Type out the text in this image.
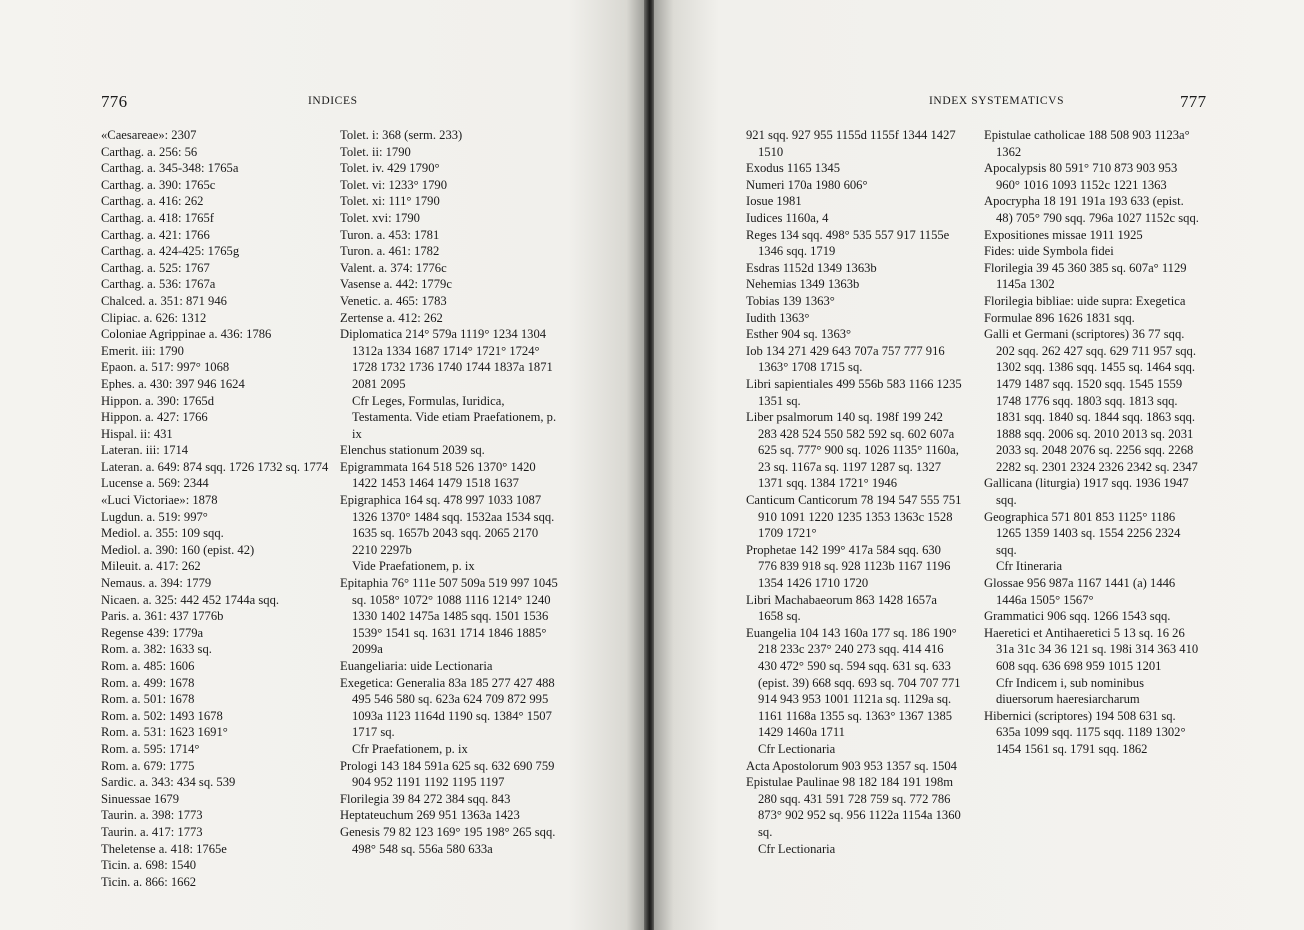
776	INDICES
«Caesareae»: 2307
Carthag. a. 256: 56
Carthag. a. 345-348: 1765a
Carthag. a. 390: 1765c
Carthag. a. 416: 262
Carthag. a. 418: 1765f
Carthag. a. 421: 1766
Carthag. a. 424-425: 1765g
Carthag. a. 525: 1767
Carthag. a. 536: 1767a
Chalced. a. 351: 871 946
Clipiac. a. 626: 1312
Coloniae Agrippinae a. 436: 1786
Emerit. iii: 1790
Epaon. a. 517: 997° 1068
Ephes. a. 430: 397 946 1624
Hippon. a. 390: 1765d
Hippon. a. 427: 1766
Hispal. ii: 431
Lateran. iii: 1714
Lateran. a. 649: 874 sqq. 1726 1732 sq. 1774
Lucense a. 569: 2344
«Luci Victoriae»: 1878
Lugdun. a. 519: 997°
Mediol. a. 355: 109 sqq.
Mediol. a. 390: 160 (epist. 42)
Mileuit. a. 417: 262
Nemaus. a. 394: 1779
Nicaen. a. 325: 442 452 1744a sqq.
Paris. a. 361: 437 1776b
Regense 439: 1779a
Rom. a. 382: 1633 sq.
Rom. a. 485: 1606
Rom. a. 499: 1678
Rom. a. 501: 1678
Rom. a. 502: 1493 1678
Rom. a. 531: 1623 1691°
Rom. a. 595: 1714°
Rom. a. 679: 1775
Sardic. a. 343: 434 sq. 539
Sinuessae 1679
Taurin. a. 398: 1773
Taurin. a. 417: 1773
Theletense a. 418: 1765e
Ticin. a. 698: 1540
Ticin. a. 866: 1662
Tolet. i: 368 (serm. 233)
Tolet. ii: 1790
Tolet. iv. 429 1790°
Tolet. vi: 1233° 1790
Tolet. xi: 111° 1790
Tolet. xvi: 1790
Turon. a. 453: 1781
Turon. a. 461: 1782
Valent. a. 374: 1776c
Vasense a. 442: 1779c
Venetic. a. 465: 1783
Zertense a. 412: 262
Diplomatica 214° 579a 1119° 1234 1304 1312a 1334 1687 1714° 1721° 1724° 1728 1732 1736 1740 1744 1837a 1871 2081 2095
Cfr Leges, Formulas, Iuridica, Testamenta. Vide etiam Praefationem, p. ix
Elenchus stationum 2039 sq.
Epigrammata 164 518 526 1370° 1420 1422 1453 1464 1479 1518 1637
Epigraphica 164 sq. 478 997 1033 1087 1326 1370° 1484 sqq. 1532aa 1534 sqq. 1635 sq. 1657b 2043 sqq. 2065 2170 2210 2297b
Vide Praefationem, p. ix
Epitaphia 76° 111e 507 509a 519 997 1045 sq. 1058° 1072° 1088 1116 1214° 1240 1330 1402 1475a 1485 sqq. 1501 1536 1539° 1541 sq. 1631 1714 1846 1885° 2099a
Euangeliaria: uide Lectionaria
Exegetica: Generalia 83a 185 277 427 488 495 546 580 sq. 623a 624 709 872 995 1093a 1123 1164d 1190 sq. 1384° 1507 1717 sq.
Cfr Praefationem, p. ix
Prologi 143 184 591a 625 sq. 632 690 759 904 952 1191 1192 1195 1197
Florilegia 39 84 272 384 sqq. 843
Heptateuchum 269 951 1363a 1423
Genesis 79 82 123 169° 195 198° 265 sqq. 498° 548 sq. 556a 580 633a
INDEX SYSTEMATICVS	777
921 sqq. 927 955 1155d 1155f 1344 1427 1510
Exodus 1165 1345
Numeri 170a 1980 606°
Iosue 1981
Iudices 1160a, 4
Reges 134 sqq. 498° 535 557 917 1155e 1346 sqq. 1719
Esdras 1152d 1349 1363b
Nehemias 1349 1363b
Tobias 139 1363°
Iudith 1363°
Esther 904 sq. 1363°
Iob 134 271 429 643 707a 757 777 916 1363° 1708 1715 sq.
Libri sapientiales 499 556b 583 1166 1235 1351 sq.
Liber psalmorum 140 sq. 198f 199 242 283 428 524 550 582 592 sq. 602 607a 625 sq. 777° 900 sq. 1026 1135° 1160a, 23 sq. 1167a sq. 1197 1287 sq. 1327 1371 sqq. 1384 1721° 1946
Canticum Canticorum 78 194 547 555 751 910 1091 1220 1235 1353 1363c 1528 1709 1721°
Prophetae 142 199° 417a 584 sqq. 630 776 839 918 sq. 928 1123b 1167 1196 1354 1426 1710 1720
Libri Machabaeorum 863 1428 1657a 1658 sq.
Euangelia 104 143 160a 177 sq. 186 190° 218 233c 237° 240 273 sqq. 414 416 430 472° 590 sq. 594 sqq. 631 sq. 633 (epist. 39) 668 sqq. 693 sq. 704 707 771 914 943 953 1001 1121a sq. 1129a sq. 1161 1168a 1355 sq. 1363° 1367 1385 1429 1460a 1711
Cfr Lectionaria
Acta Apostolorum 903 953 1357 sq. 1504
Epistulae Paulinae 98 182 184 191 198m 280 sqq. 431 591 728 759 sq. 772 786 873° 902 952 sq. 956 1122a 1154a 1360 sq.
Cfr Lectionaria
Epistulae catholicae 188 508 903 1123a° 1362
Apocalypsis 80 591° 710 873 903 953 960° 1016 1093 1152c 1221 1363
Apocrypha 18 191 191a 193 633 (epist. 48) 705° 790 sqq. 796a 1027 1152c sqq.
Expositiones missae 1911 1925
Fides: uide Symbola fidei
Florilegia 39 45 360 385 sq. 607a° 1129 1145a 1302
Florilegia bibliae: uide supra: Exegetica
Formulae 896 1626 1831 sqq.
Galli et Germani (scriptores) 36 77 sqq. 202 sqq. 262 427 sqq. 629 711 957 sqq. 1302 sqq. 1386 sqq. 1455 sq. 1464 sqq. 1479 1487 sqq. 1520 sqq. 1545 1559 1748 1776 sqq. 1803 sqq. 1813 sqq. 1831 sqq. 1840 sq. 1844 sqq. 1863 sqq. 1888 sqq. 2006 sq. 2010 2013 sq. 2031 2033 sq. 2048 2076 sq. 2256 sqq. 2268 2282 sq. 2301 2324 2326 2342 sq. 2347
Gallicana (liturgia) 1917 sqq. 1936 1947 sqq.
Geographica 571 801 853 1125° 1186 1265 1359 1403 sq. 1554 2256 2324 sqq.
Cfr Itineraria
Glossae 956 987a 1167 1441 (a) 1446 1446a 1505° 1567°
Grammatici 906 sqq. 1266 1543 sqq.
Haeretici et Antihaeretici 5 13 sq. 16 26 31a 31c 34 36 121 sq. 198i 314 363 410 608 sqq. 636 698 959 1015 1201
Cfr Indicem i, sub nominibus diuersorum haeresiarcharum
Hibernici (scriptores) 194 508 631 sq. 635a 1099 sqq. 1175 sqq. 1189 1302° 1454 1561 sq. 1791 sqq. 1862
